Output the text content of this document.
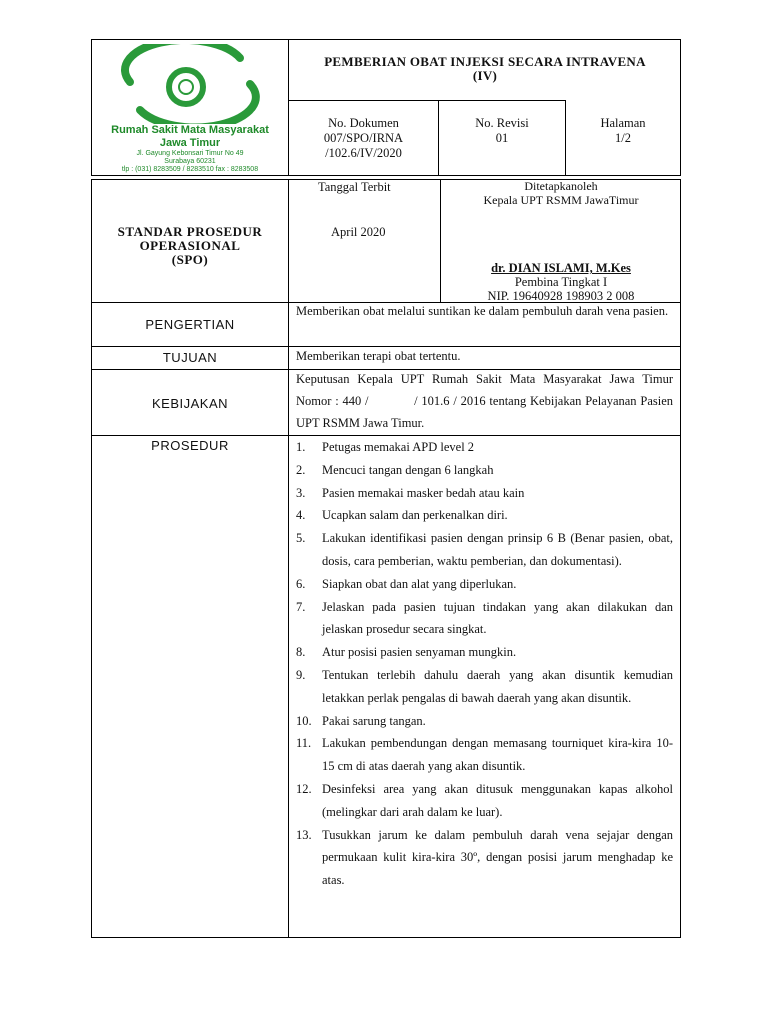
Rumah Sakit Mata Masyarakat
Jawa Timur
Jl. Gayung Kebonsari Timur No 49
Surabaya 60231
tlp : (031) 8283509 / 8283510 fax : 8283508
PEMBERIAN OBAT INJEKSI SECARA INTRAVENA
(IV)
No. Dokumen
007/SPO/IRNA
/102.6/IV/2020
No. Revisi
01
Halaman
1/2
STANDAR PROSEDUR
OPERASIONAL
(SPO)
Tanggal Terbit
April 2020
Ditetapkanoleh
Kepala UPT RSMM JawaTimur
dr. DIAN ISLAMI, M.Kes
Pembina Tingkat I
NIP. 19640928 198903 2 008
PENGERTIAN
Memberikan obat melalui suntikan ke dalam pembuluh darah vena pasien.
TUJUAN	Memberikan terapi obat tertentu.
KEBIJAKAN
Keputusan Kepala UPT Rumah Sakit Mata Masyarakat Jawa Timur Nomor : 440 /            / 101.6 / 2016 tentang Kebijakan Pelayanan Pasien UPT RSMM Jawa Timur.
PROSEDUR	1. Petugas memakai APD level 2
2. Mencuci tangan dengan 6 langkah
3. Pasien memakai masker bedah atau kain
4. Ucapkan salam dan perkenalkan diri.
5. Lakukan identifikasi pasien dengan prinsip 6 B (Benar pasien, obat, dosis, cara pemberian, waktu pemberian, dan dokumentasi).
6. Siapkan obat dan alat yang diperlukan.
7. Jelaskan pada pasien tujuan tindakan yang akan dilakukan dan jelaskan prosedur secara singkat.
8. Atur posisi pasien senyaman mungkin.
9. Tentukan terlebih dahulu daerah yang akan disuntik kemudian letakkan perlak pengalas di bawah daerah yang akan disuntik.
10. Pakai sarung tangan.
11. Lakukan pembendungan dengan memasang tourniquet kira-kira 10-15 cm di atas daerah yang akan disuntik.
12. Desinfeksi area yang akan ditusuk menggunakan kapas alkohol (melingkar dari arah dalam ke luar).
13. Tusukkan jarum ke dalam pembuluh darah vena sejajar dengan permukaan kulit kira-kira 30º, dengan posisi jarum menghadap ke atas.
